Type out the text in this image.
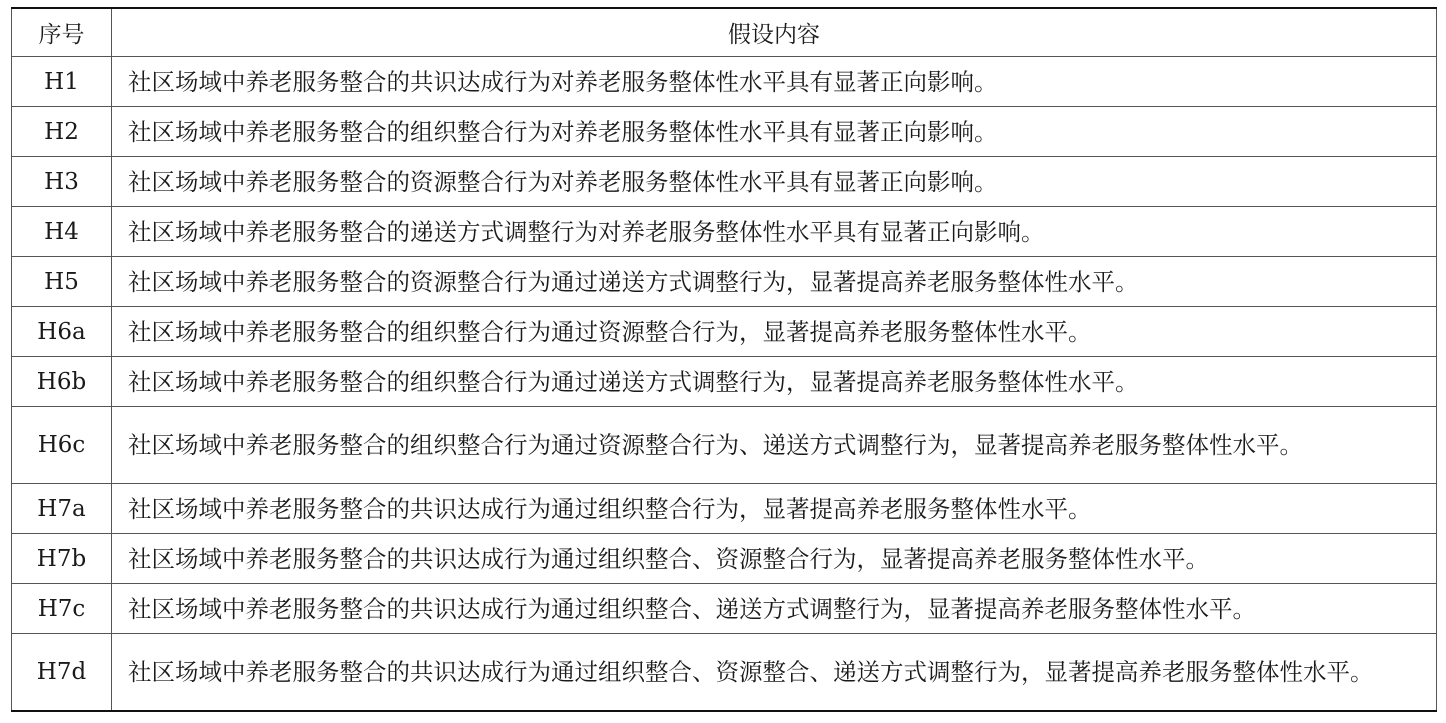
序号	假设内容
H1	社区场域中养老服务整合的共识达成行为对养老服务整体性水平具有显著正向影响。
H2	社区场域中养老服务整合的组织整合行为对养老服务整体性水平具有显著正向影响。
H3	社区场域中养老服务整合的资源整合行为对养老服务整体性水平具有显著正向影响。
H4	社区场域中养老服务整合的递送方式调整行为对养老服务整体性水平具有显著正向影响。
H5	社区场域中养老服务整合的资源整合行为通过递送方式调整行为，显著提高养老服务整体性水平。
H6a	社区场域中养老服务整合的组织整合行为通过资源整合行为，显著提高养老服务整体性水平。
H6b	社区场域中养老服务整合的组织整合行为通过递送方式调整行为，显著提高养老服务整体性水平。
H6c	社区场域中养老服务整合的组织整合行为通过资源整合行为、递送方式调整行为，显著提高养老服务整体性水平。
H7a	社区场域中养老服务整合的共识达成行为通过组织整合行为，显著提高养老服务整体性水平。
H7b	社区场域中养老服务整合的共识达成行为通过组织整合、资源整合行为，显著提高养老服务整体性水平。
H7c	社区场域中养老服务整合的共识达成行为通过组织整合、递送方式调整行为，显著提高养老服务整体性水平。
H7d	社区场域中养老服务整合的共识达成行为通过组织整合、资源整合、递送方式调整行为，显著提高养老服务整体性水平。
